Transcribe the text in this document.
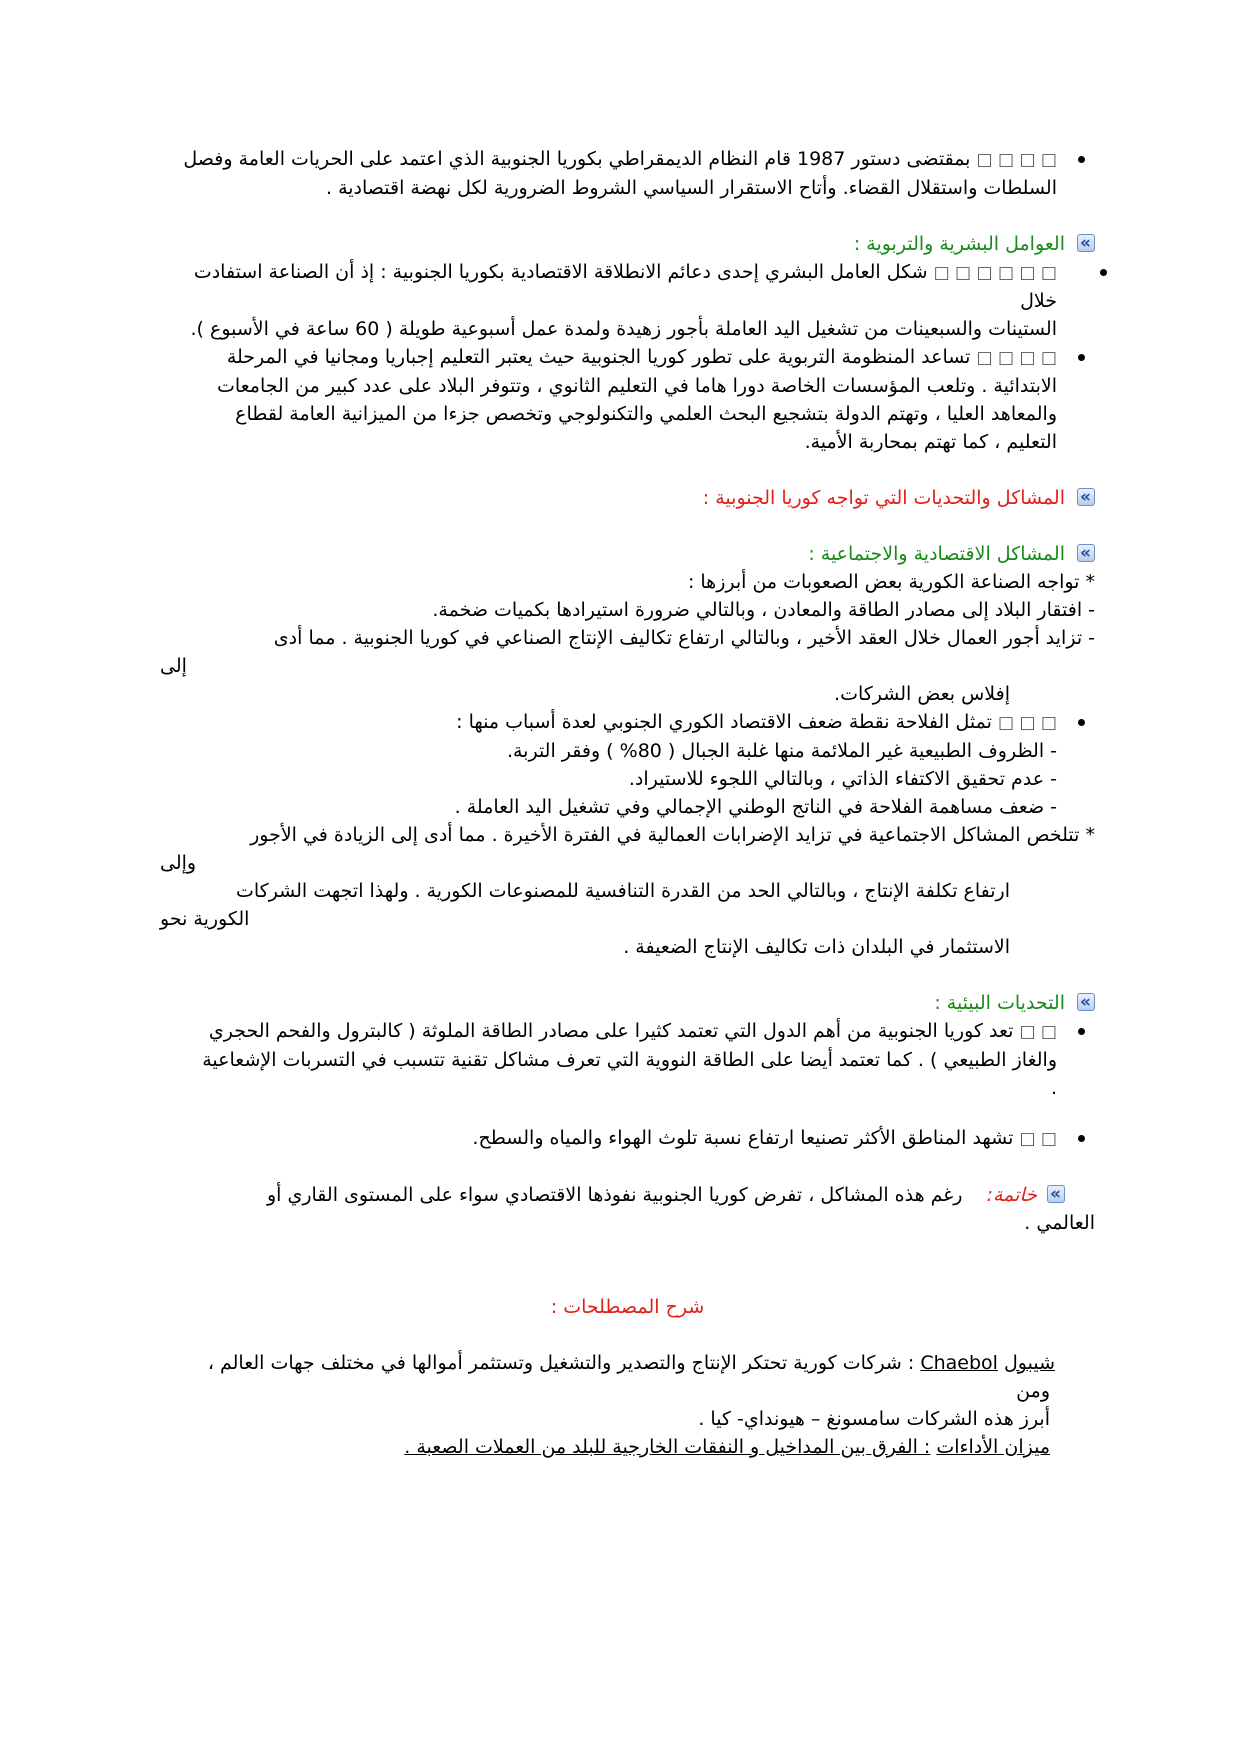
□ □ □ □ بمقتضى دستور 1987 قام النظام الديمقراطي بكوريا الجنوبية الذي اعتمد على الحريات العامة وفصل
السلطات واستقلال القضاء. وأتاح الاستقرار السياسي الشروط الضرورية لكل نهضة اقتصادية .
»
العوامل البشرية والتربوية :
□ □ □ □ □ □ شكل العامل البشري إحدى دعائم الانطلاقة الاقتصادية بكوريا الجنوبية : إذ أن الصناعة استفادت خلال
الستينات والسبعينات من تشغيل اليد العاملة بأجور زهيدة ولمدة عمل أسبوعية طويلة ( 60 ساعة في الأسبوع ).
□ □ □ □ تساعد المنظومة التربوية على تطور كوريا الجنوبية حيث يعتبر التعليم إجباريا ومجانيا في المرحلة
الابتدائية . وتلعب المؤسسات الخاصة دورا هاما في التعليم الثانوي ، وتتوفر البلاد على عدد كبير من الجامعات
والمعاهد العليا ، وتهتم الدولة بتشجيع البحث العلمي والتكنولوجي وتخصص جزءا من الميزانية العامة لقطاع
التعليم ، كما تهتم بمحاربة الأمية.
»
المشاكل والتحديات التي تواجه كوريا الجنوبية :
»
المشاكل الاقتصادية والاجتماعية :
* تواجه الصناعة الكورية بعض الصعوبات من أبرزها :
- افتقار البلاد إلى مصادر الطاقة والمعادن ، وبالتالي ضرورة استيرادها بكميات ضخمة.
- تزايد أجور العمال خلال العقد الأخير ، وبالتالي ارتفاع تكاليف الإنتاج الصناعي في كوريا الجنوبية . مما أدى
إلى
إفلاس بعض الشركات.
□ □ □ تمثل الفلاحة نقطة ضعف الاقتصاد الكوري الجنوبي لعدة أسباب منها :
- الظروف الطبيعية غير الملائمة منها غلبة الجبال ( 80% ) وفقر التربة.
- عدم تحقيق الاكتفاء الذاتي ، وبالتالي اللجوء للاستيراد.
- ضعف مساهمة الفلاحة في الناتج الوطني الإجمالي وفي تشغيل اليد العاملة .
* تتلخص المشاكل الاجتماعية في تزايد الإضرابات العمالية في الفترة الأخيرة . مما أدى إلى الزيادة في الأجور
وإلى
ارتفاع تكلفة الإنتاج ، وبالتالي الحد من القدرة التنافسية للمصنوعات الكورية . ولهذا اتجهت الشركات
الكورية نحو
الاستثمار في البلدان ذات تكاليف الإنتاج الضعيفة .
»
التحديات البيئية :
□ □ تعد كوريا الجنوبية من أهم الدول التي تعتمد كثيرا على مصادر الطاقة الملوثة ( كالبترول والفحم الحجري
والغاز الطبيعي ) . كما تعتمد أيضا على الطاقة النووية التي تعرف مشاكل تقنية تتسبب في التسربات الإشعاعية
.
□ □ تشهد المناطق الأكثر تصنيعا ارتفاع نسبة تلوث الهواء والمياه والسطح.
»
خاتمة:    رغم هذه المشاكل ، تفرض كوريا الجنوبية نفوذها الاقتصادي سواء على المستوى القاري أو
العالمي .
شرح المصطلحات :
شيبول Chaebol : شركات كورية تحتكر الإنتاج والتصدير والتشغيل وتستثمر أموالها في مختلف جهات العالم ،
ومن
أبرز هذه الشركات سامسونغ – هيونداي- كيا .
ميزان الأداءات : الفرق بين المداخيل و النفقات الخارجية للبلد من العملات الصعبة .
